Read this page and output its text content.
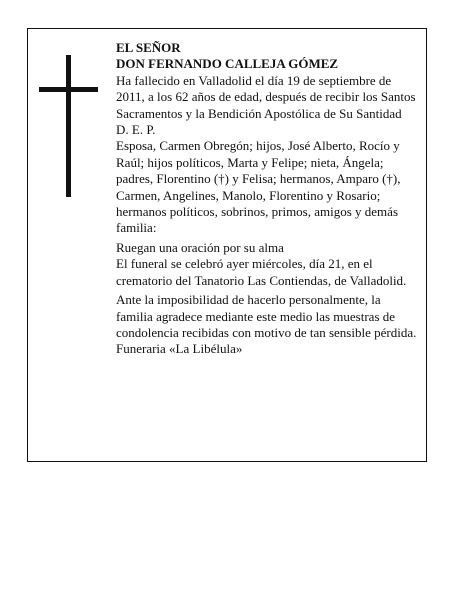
EL SEÑOR

DON FERNANDO CALLEJA GÓMEZ

Ha fallecido en Valladolid el día 19 de septiembre de 2011, a los 62 años de edad, después de recibir los Santos Sacramentos y la Bendición Apostólica de Su Santidad

D. E. P.

Esposa, Carmen Obregón; hijos, José Alberto, Rocío y Raúl; hijos políticos, Marta y Felipe; nieta, Ángela; padres, Florentino (†) y Felisa; hermanos, Amparo (†), Carmen, Angelines, Manolo, Florentino y Rosario; hermanos políticos, sobrinos, primos, amigos y demás familia:

Ruegan una oración por su alma

El funeral se celebró ayer miércoles, día 21, en el crematorio del Tanatorio Las Contiendas, de Valladolid.

Ante la imposibilidad de hacerlo personalmente, la familia agradece mediante este medio las muestras de condolencia recibidas con motivo de tan sensible pérdida.

Funeraria «La Libélula»
